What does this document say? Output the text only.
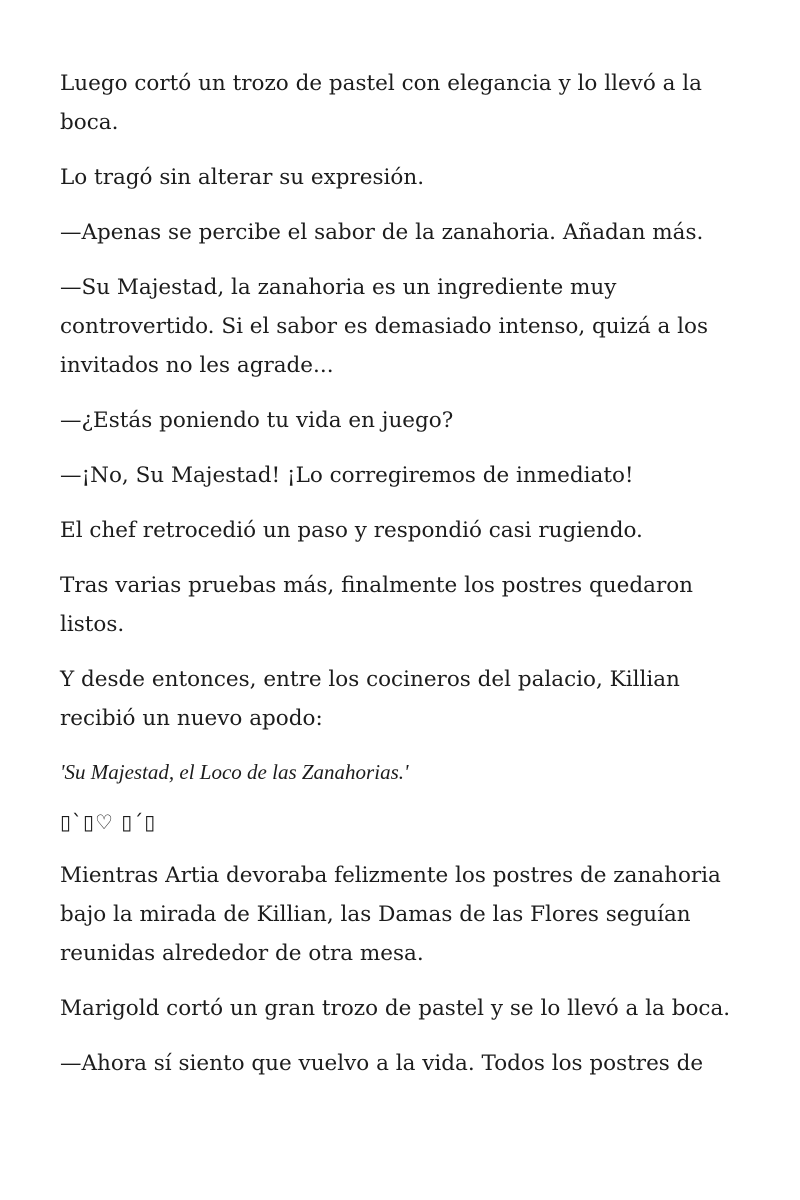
Luego cortó un trozo de pastel con elegancia y lo llevó a la boca.

Lo tragó sin alterar su expresión.

—Apenas se percibe el sabor de la zanahoria. Añadan más.

—Su Majestad, la zanahoria es un ingrediente muy controvertido. Si el sabor es demasiado intenso, quizá a los invitados no les agrade...

—¿Estás poniendo tu vida en juego?

—¡No, Su Majestad! ¡Lo corregiremos de inmediato!

El chef retrocedió un paso y respondió casi rugiendo.

Tras varias pruebas más, finalmente los postres quedaron listos.

Y desde entonces, entre los cocineros del palacio, Killian recibió un nuevo apodo:

'Su Majestad, el Loco de las Zanahorias.'

▯`▯♡ ▯´▯

Mientras Artia devoraba felizmente los postres de zanahoria bajo la mirada de Killian, las Damas de las Flores seguían reunidas alrededor de otra mesa.

Marigold cortó un gran trozo de pastel y se lo llevó a la boca.

—Ahora sí siento que vuelvo a la vida. Todos los postres de
